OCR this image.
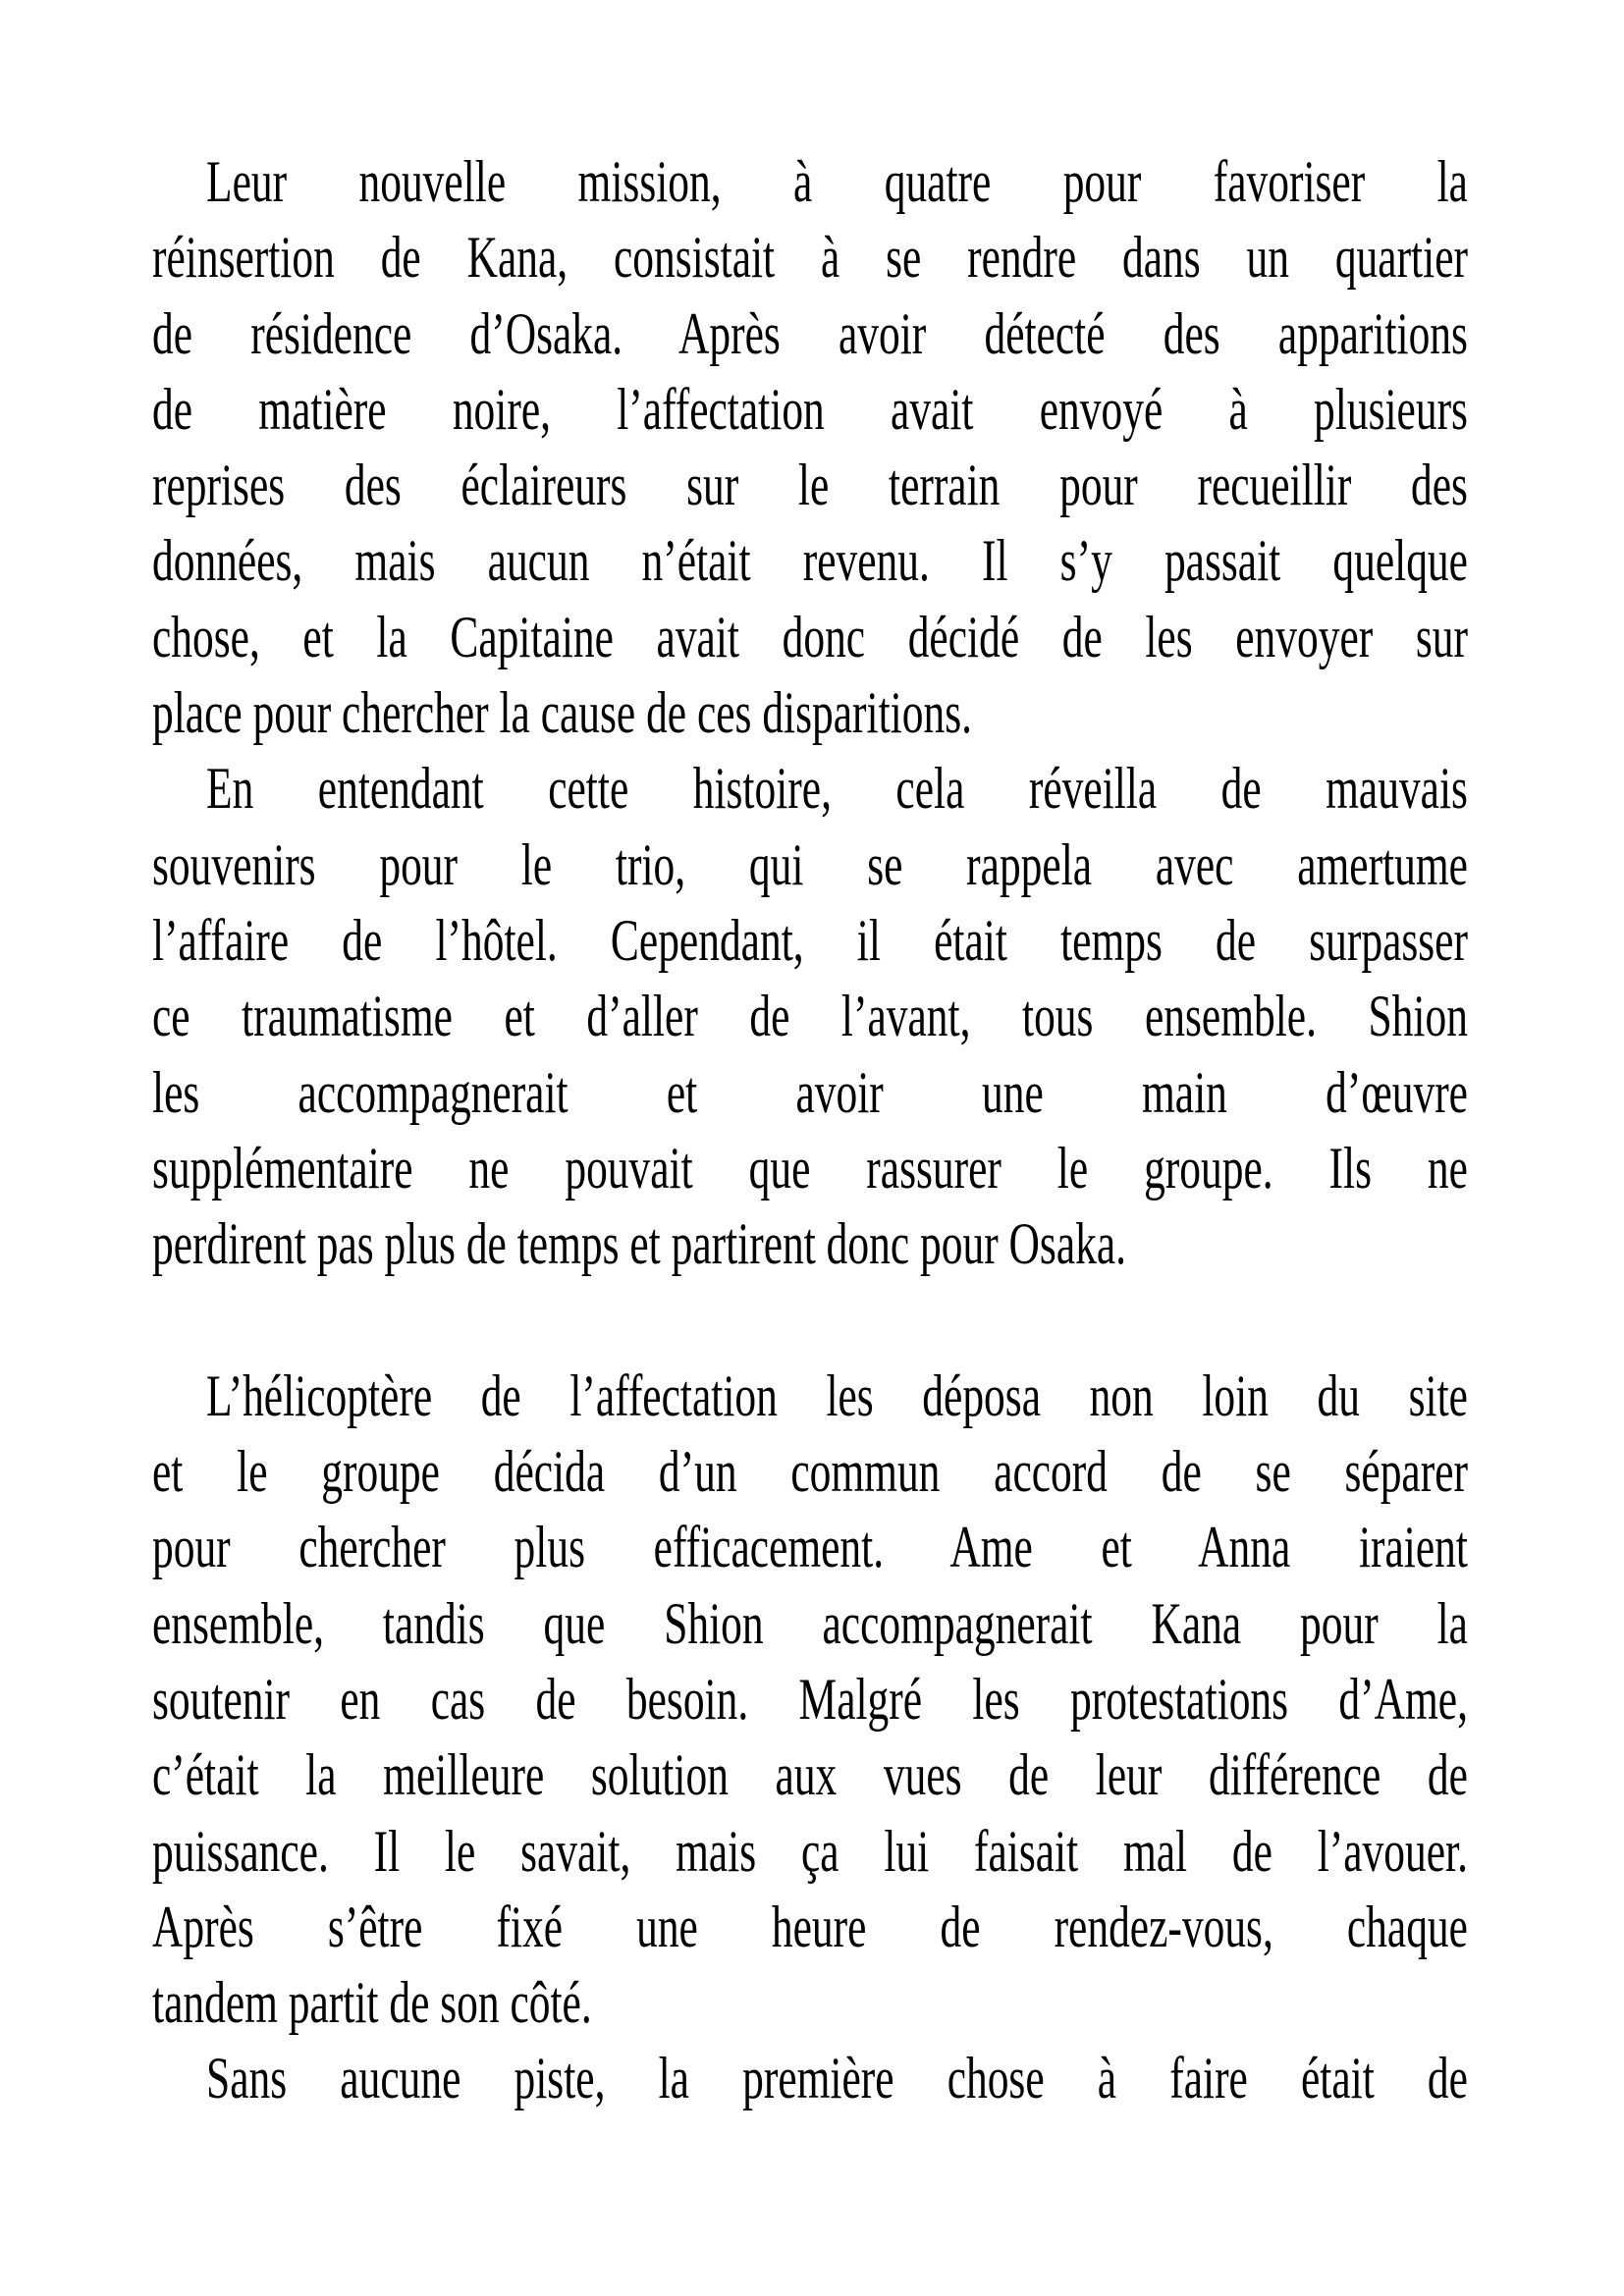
Leur nouvelle mission, à quatre pour favoriser la
réinsertion de Kana, consistait à se rendre dans un quartier
de résidence d’Osaka. Après avoir détecté des apparitions
de matière noire, l’affectation avait envoyé à plusieurs
reprises des éclaireurs sur le terrain pour recueillir des
données, mais aucun n’était revenu. Il s’y passait quelque
chose, et la Capitaine avait donc décidé de les envoyer sur
place pour chercher la cause de ces disparitions.
En entendant cette histoire, cela réveilla de mauvais
souvenirs pour le trio, qui se rappela avec amertume
l’affaire de l’hôtel. Cependant, il était temps de surpasser
ce traumatisme et d’aller de l’avant, tous ensemble. Shion
les accompagnerait et avoir une main d’œuvre
supplémentaire ne pouvait que rassurer le groupe. Ils ne
perdirent pas plus de temps et partirent donc pour Osaka.
L’hélicoptère de l’affectation les déposa non loin du site
et le groupe décida d’un commun accord de se séparer
pour chercher plus efficacement. Ame et Anna iraient
ensemble, tandis que Shion accompagnerait Kana pour la
soutenir en cas de besoin. Malgré les protestations d’Ame,
c’était la meilleure solution aux vues de leur différence de
puissance. Il le savait, mais ça lui faisait mal de l’avouer.
Après s’être fixé une heure de rendez-vous, chaque
tandem partit de son côté.
Sans aucune piste, la première chose à faire était de
